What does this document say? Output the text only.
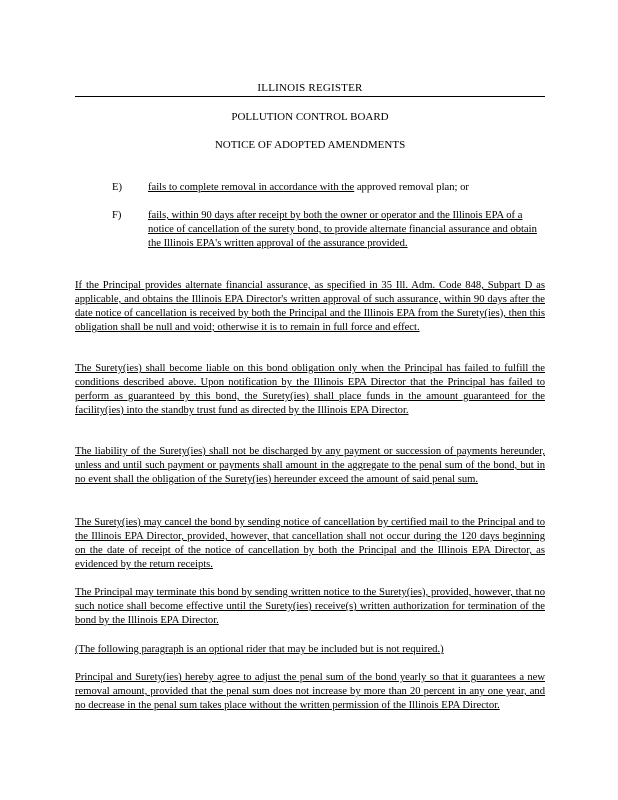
ILLINOIS REGISTER
POLLUTION CONTROL BOARD
NOTICE OF ADOPTED AMENDMENTS
E)	fails to complete removal in accordance with the approved removal plan; or
F)	fails, within 90 days after receipt by both the owner or operator and the Illinois EPA of a notice of cancellation of the surety bond, to provide alternate financial assurance and obtain the Illinois EPA's written approval of the assurance provided.
If the Principal provides alternate financial assurance, as specified in 35 Ill. Adm. Code 848, Subpart D as applicable, and obtains the Illinois EPA Director's written approval of such assurance, within 90 days after the date notice of cancellation is received by both the Principal and the Illinois EPA from the Surety(ies), then this obligation shall be null and void; otherwise it is to remain in full force and effect.
The Surety(ies) shall become liable on this bond obligation only when the Principal has failed to fulfill the conditions described above. Upon notification by the Illinois EPA Director that the Principal has failed to perform as guaranteed by this bond, the Surety(ies) shall place funds in the amount guaranteed for the facility(ies) into the standby trust fund as directed by the Illinois EPA Director.
The liability of the Surety(ies) shall not be discharged by any payment or succession of payments hereunder, unless and until such payment or payments shall amount in the aggregate to the penal sum of the bond, but in no event shall the obligation of the Surety(ies) hereunder exceed the amount of said penal sum.
The Surety(ies) may cancel the bond by sending notice of cancellation by certified mail to the Principal and to the Illinois EPA Director, provided, however, that cancellation shall not occur during the 120 days beginning on the date of receipt of the notice of cancellation by both the Principal and the Illinois EPA Director, as evidenced by the return receipts.
The Principal may terminate this bond by sending written notice to the Surety(ies), provided, however, that no such notice shall become effective until the Surety(ies) receive(s) written authorization for termination of the bond by the Illinois EPA Director.
(The following paragraph is an optional rider that may be included but is not required.)
Principal and Surety(ies) hereby agree to adjust the penal sum of the bond yearly so that it guarantees a new removal amount, provided that the penal sum does not increase by more than 20 percent in any one year, and no decrease in the penal sum takes place without the written permission of the Illinois EPA Director.
